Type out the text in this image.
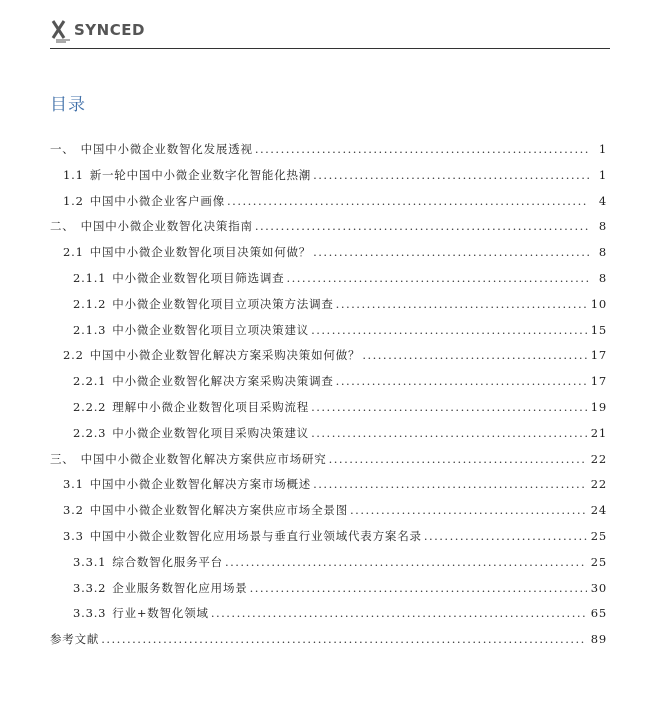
SYNCED
目录
一、 中国中小微企业数智化发展透视 .....	1
1.1 新一轮中国中小微企业数字化智能化热潮 .....	1
1.2 中国中小微企业客户画像 .....	4
二、 中国中小微企业数智化决策指南 .....	8
2.1 中国中小微企业数智化项目决策如何做？ .....	8
2.1.1 中小微企业数智化项目筛选调查 .....	8
2.1.2 中小微企业数智化项目立项决策方法调查 .....	10
2.1.3 中小微企业数智化项目立项决策建议 .....	15
2.2 中国中小微企业数智化解决方案采购决策如何做？ .....	17
2.2.1 中小微企业数智化解决方案采购决策调查 .....	17
2.2.2 理解中小微企业数智化项目采购流程 .....	19
2.2.3 中小微企业数智化项目采购决策建议 .....	21
三、 中国中小微企业数智化解决方案供应市场研究 .....	22
3.1 中国中小微企业数智化解决方案市场概述 .....	22
3.2 中国中小微企业数智化解决方案供应市场全景图 .....	24
3.3 中国中小微企业数智化应用场景与垂直行业领域代表方案名录 .....	25
3.3.1 综合数智化服务平台 .....	25
3.3.2 企业服务数智化应用场景 .....	30
3.3.3 行业+数智化领域 .....	65
参考文献 .....	89
